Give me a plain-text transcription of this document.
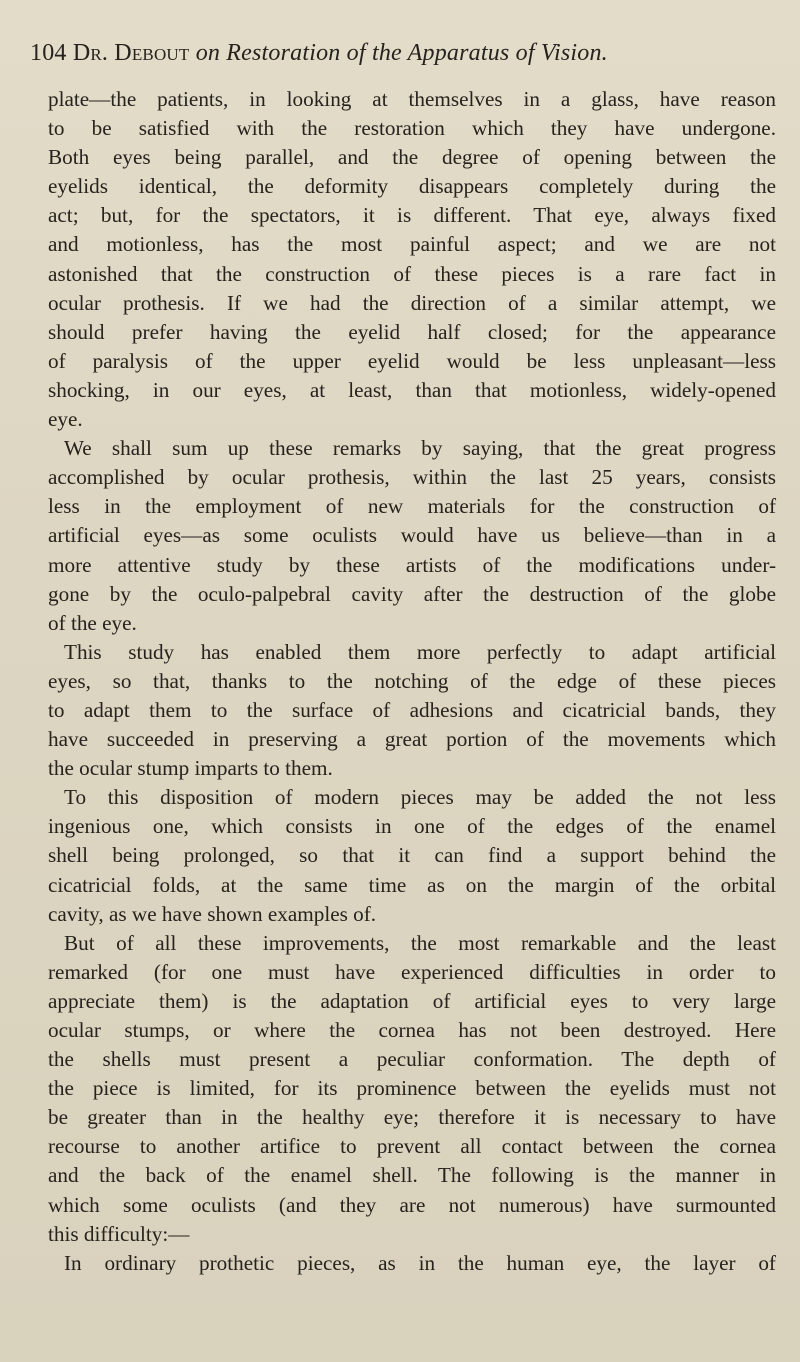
104 Dr. Debout on Restoration of the Apparatus of Vision.
plate—the patients, in looking at themselves in a glass, have reason
to be satisfied with the restoration which they have undergone.
Both eyes being parallel, and the degree of opening between the
eyelids identical, the deformity disappears completely during the
act; but, for the spectators, it is different. That eye, always fixed
and motionless, has the most painful aspect; and we are not
astonished that the construction of these pieces is a rare fact in
ocular prothesis. If we had the direction of a similar attempt, we
should prefer having the eyelid half closed; for the appearance
of paralysis of the upper eyelid would be less unpleasant—less
shocking, in our eyes, at least, than that motionless, widely-opened
eye.
We shall sum up these remarks by saying, that the great progress
accomplished by ocular prothesis, within the last 25 years, consists
less in the employment of new materials for the construction of
artificial eyes—as some oculists would have us believe—than in a
more attentive study by these artists of the modifications under-
gone by the oculo-palpebral cavity after the destruction of the globe
of the eye.
This study has enabled them more perfectly to adapt artificial
eyes, so that, thanks to the notching of the edge of these pieces
to adapt them to the surface of adhesions and cicatricial bands, they
have succeeded in preserving a great portion of the movements which
the ocular stump imparts to them.
To this disposition of modern pieces may be added the not less
ingenious one, which consists in one of the edges of the enamel
shell being prolonged, so that it can find a support behind the
cicatricial folds, at the same time as on the margin of the orbital
cavity, as we have shown examples of.
But of all these improvements, the most remarkable and the least
remarked (for one must have experienced difficulties in order to
appreciate them) is the adaptation of artificial eyes to very large
ocular stumps, or where the cornea has not been destroyed. Here
the shells must present a peculiar conformation. The depth of
the piece is limited, for its prominence between the eyelids must not
be greater than in the healthy eye; therefore it is necessary to have
recourse to another artifice to prevent all contact between the cornea
and the back of the enamel shell. The following is the manner in
which some oculists (and they are not numerous) have surmounted
this difficulty:—
In ordinary prothetic pieces, as in the human eye, the layer of
